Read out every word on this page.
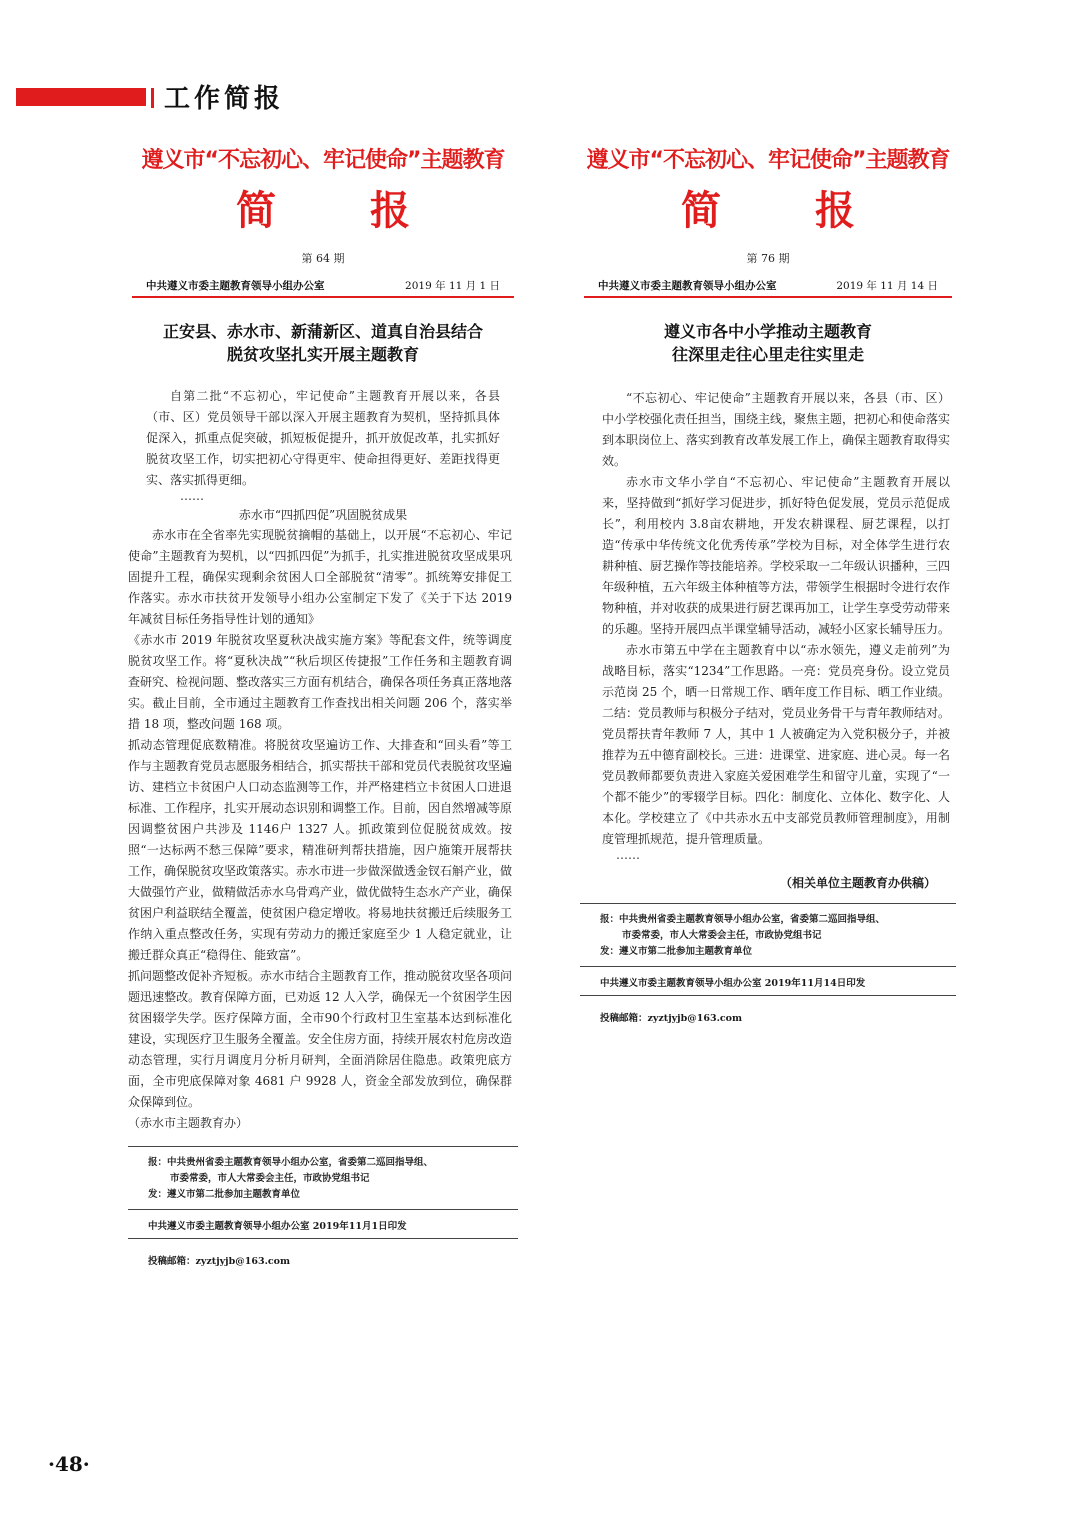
工作简报
遵义市“不忘初心、牢记使命”主题教育
简 报
第 64 期
中共遵义市委主题教育领导小组办公室	2019 年 11 月 1 日
正安县、赤水市、新蒲新区、道真自治县结合
脱贫攻坚扎实开展主题教育
自第二批“不忘初心，牢记使命”主题教育开展以来，各县（市、区）党员领导干部以深入开展主题教育为契机，坚持抓具体促深入，抓重点促突破，抓短板促提升，抓开放促改革，扎实抓好脱贫攻坚工作，切实把初心守得更牢、使命担得更好、差距找得更实、落实抓得更细。
……
赤水市“四抓四促”巩固脱贫成果
赤水市在全省率先实现脱贫摘帽的基础上，以开展“不忘初心、牢记使命”主题教育为契机，以“四抓四促”为抓手，扎实推进脱贫攻坚成果巩固提升工程，确保实现剩余贫困人口全部脱贫“清零”。抓统筹安排促工作落实。赤水市扶贫开发领导小组办公室制定下发了《关于下达 2019 年减贫目标任务指导性计划的通知》
《赤水市 2019 年脱贫攻坚夏秋决战实施方案》等配套文件，统等调度脱贫攻坚工作。将“夏秋决战”“秋后坝区传捷报”工作任务和主题教育调查研究、检视问题、整改落实三方面有机结合，确保各项任务真正落地落实。截止目前，全市通过主题教育工作查找出相关问题 206 个，落实举措 18 项，整改问题 168 项。
抓动态管理促底数精准。将脱贫攻坚遍访工作、大排查和“回头看”等工作与主题教育党员志愿服务相结合，抓实帮扶干部和党员代表脱贫攻坚遍访、建档立卡贫困户人口动态监测等工作，并严格建档立卡贫困人口进退标准、工作程序，扎实开展动态识别和调整工作。目前，因自然增减等原因调整贫困户共涉及 1146户 1327 人。抓政策到位促脱贫成效。按照“一达标两不愁三保障”要求，精准研判帮扶措施，因户施策开展帮扶工作，确保脱贫攻坚政策落实。赤水市进一步做深做透金钗石斛产业，做大做强竹产业，做精做活赤水乌骨鸡产业，做优做特生态水产产业，确保贫困户利益联结全覆盖，使贫困户稳定增收。将易地扶贫搬迁后续服务工作纳入重点整改任务，实现有劳动力的搬迁家庭至少 1 人稳定就业，让搬迁群众真正“稳得住、能致富”。
抓问题整改促补齐短板。赤水市结合主题教育工作，推动脱贫攻坚各项问题迅速整改。教育保障方面，已劝返 12 人入学，确保无一个贫困学生因贫困辍学失学。医疗保障方面，全市90个行政村卫生室基本达到标准化建设，实现医疗卫生服务全覆盖。安全住房方面，持续开展农村危房改造动态管理，实行月调度月分析月研判，全面消除居住隐患。政策兜底方面，全市兜底保障对象 4681 户 9928 人，资金全部发放到位，确保群众保障到位。
（赤水市主题教育办）
报：中共贵州省委主题教育领导小组办公室，省委第二巡回指导组、
市委常委，市人大常委会主任，市政协党组书记
发：遵义市第二批参加主题教育单位
中共遵义市委主题教育领导小组办公室 2019年11月1日印发
投稿邮箱：zyztjyjb@163.com
遵义市“不忘初心、牢记使命”主题教育
简 报
第 76 期
中共遵义市委主题教育领导小组办公室	2019 年 11 月 14 日
遵义市各中小学推动主题教育
往深里走往心里走往实里走
“不忘初心、牢记使命”主题教育开展以来，各县（市、区）中小学校强化责任担当，围绕主线，聚焦主题，把初心和使命落实到本职岗位上、落实到教育改革发展工作上，确保主题教育取得实效。
赤水市文华小学自“不忘初心、牢记使命”主题教育开展以来，坚持做到“抓好学习促进步，抓好特色促发展，党员示范促成长”，利用校内 3.8亩农耕地，开发农耕课程、厨艺课程，以打造“传承中华传统文化优秀传承”学校为目标，对全体学生进行农耕种植、厨艺操作等技能培养。学校采取一二年级认识播种，三四年级种植，五六年级主体种植等方法，带领学生根据时令进行农作物种植，并对收获的成果进行厨艺课再加工，让学生享受劳动带来的乐趣。坚持开展四点半课堂辅导活动，减轻小区家长辅导压力。
赤水市第五中学在主题教育中以“赤水领先，遵义走前列”为战略目标，落实“1234”工作思路。一亮：党员亮身份。设立党员示范岗 25 个，晒一日常规工作、晒年度工作目标、晒工作业绩。二结：党员教师与积极分子结对，党员业务骨干与青年教师结对。党员帮扶青年教师 7 人，其中 1 人被确定为入党积极分子，并被推荐为五中德育副校长。三进：进课堂、进家庭、进心灵。每一名党员教师都要负责进入家庭关爱困难学生和留守儿童，实现了“一个都不能少”的零辍学目标。四化：制度化、立体化、数字化、人本化。学校建立了《中共赤水五中支部党员教师管理制度》，用制度管理抓规范，提升管理质量。
……
（相关单位主题教育办供稿）
报：中共贵州省委主题教育领导小组办公室，省委第二巡回指导组、
市委常委，市人大常委会主任，市政协党组书记
发：遵义市第二批参加主题教育单位
中共遵义市委主题教育领导小组办公室 2019年11月14日印发
投稿邮箱：zyztjyjb@163.com
·48·
